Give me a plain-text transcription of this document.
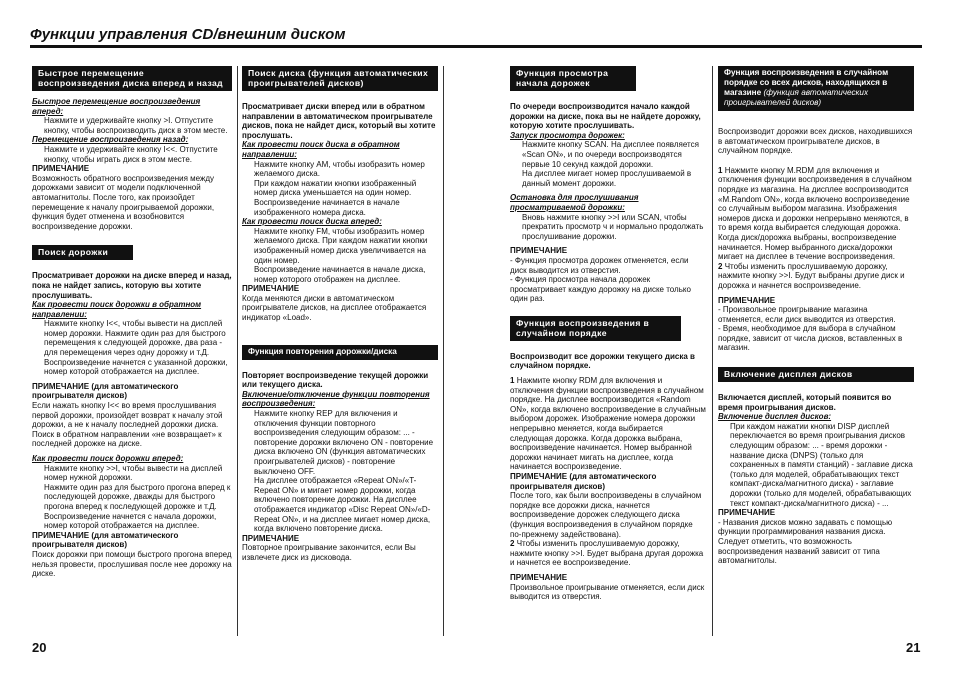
Функции управления CD/внешним диском
Быстрое перемещение воспроизведения диска вперед и назад

Быстрое перемещение воспроизведения вперед:

Нажмите и удерживайте кнопку >I. Отпустите кнопку, чтобы воспроизводить диск в этом месте.

Перемещение воспроизведения назад:

Нажмите и удерживайте кнопку I<<. Отпустите кнопку, чтобы играть диск в этом месте.

ПРИМЕЧАНИЕ

Возможность обратного воспроизведения между дорожками зависит от модели подключенной автомагнитолы. После того, как произойдет перемещение к началу проигрываемой дорожки, функция будет отменена и возобновится воспроизведение дорожки.

Поиск дорожки

Просматривает дорожки на диске вперед и назад, пока не найдет запись, которую вы хотите прослушивать.

Как провести поиск дорожки в обратном направлении:

Нажмите кнопку I<<, чтобы вывести на дисплей номер дорожки. Нажмите один раз для быстрого перемещения к следующей дорожке, два раза - для перемещения через одну дорожку и т.Д. Воспроизведение начнется с указанной дорожки, номер которой отображается на дисплее.

ПРИМЕЧАНИЕ (для автоматического проигрывателя дисков)

Если нажать кнопку I<< во время прослушивания первой дорожки, произойдет возврат к началу этой дорожки, а не к началу последней дорожки диска. Поиск в обратном направлении «не возвращает» к последней дорожке на диске.

Как провести поиск дорожки вперед:

Нажмите кнопку >>I, чтобы вывести на дисплей номер нужной дорожки.

Нажмите один раз для быстрого прогона вперед к последующей дорожке, дважды для быстрого прогона вперед к последующей дорожке и т.Д.

Воспроизведение начнется с начала дорожки, номер которой отображается на дисплее.

ПРИМЕЧАНИЕ (для автоматического проигрывателя дисков)

Поиск дорожки при помощи быстрого прогона вперед нельзя провести, прослушивая после нее дорожку на диске.

Поиск диска (функция автоматических проигрывателей дисков)

Просматривает диски вперед или в обратном направлении в автоматическом проигрывателе дисков, пока не найдет диск, который вы хотите прослушать.

Как провести поиск диска в обратном направлении:

Нажмите кнопку AM, чтобы изобразить номер желаемого диска.

При каждом нажатии кнопки изображенный номер диска уменьшается на один номер.

Воспроизведение начинается в начале изображенного номера диска.

Как провести поиск диска вперед:

Нажмите кнопку FM, чтобы изобразить номер желаемого диска. При каждом нажатии кнопки изображенный номер диска увеличивается на один номер.

Воспроизведение начинается в начале диска, номер которого отображен на дисплее.

ПРИМЕЧАНИЕ

Когда меняются диски в автоматическом проигрывателе дисков, на дисплее отображается индикатор «Load».

Функция повторения дорожки/диска

Повторяет воспроизведение текущей дорожки или текущего диска.

Включение/отключение функции повторения воспроизведения:

Нажмите кнопку REP для включения и отключения функции повторного воспроизведения следующим образом: ... - повторение дорожки включено ON - повторение диска включено ON (функция автоматических проигрывателей дисков) - повторение выключено OFF.

На дисплее отображается «Repeat ON»/«T-Repeat ON» и мигает номер дорожки, когда включено повторение дорожки. На дисплее отображается индикатор «Disc Repeat ON»/«D-Repeat ON», и на дисплее мигает номер диска, когда включено повторение диска.

ПРИМЕЧАНИЕ

Повторное проигрывание закончится, если Вы извлечете диск из дисковода.

Функция просмотра начала дорожек

По очереди воспроизводится начало каждой дорожки на диске, пока вы не найдете дорожку, которую хотите прослушивать.

Запуск просмотра дорожек:

Нажмите кнопку SCAN. На дисплее появляется «Scan ON», и по очереди воспроизводятся первые 10 секунд каждой дорожки.

На дисплее мигает номер прослушиваемой в данный момент дорожки.

Остановка для прослушивания просматриваемой дорожки:

Вновь нажмите кнопку >>I или SCAN, чтобы прекратить просмотр ч и нормально продолжать прослушивание дорожки.

ПРИМЕЧАНИЕ

- Функция просмотра дорожек отменяется, если диск выводится из отверстия.

- Функция просмотра начала дорожек просматривает каждую дорожку на диске только один раз.

Функция воспроизведения в случайном порядке

Воспроизводит все дорожки текущего диска в случайном порядке.

1 Нажмите кнопку RDM для включения и отключения функции воспроизведения в случайном порядке. На дисплее воспроизводится «Random ON», когда включено воспроизведение в случайным выбором дорожек. Изображение номера дорожки непрерывно меняется, когда выбирается следующая дорожка. Когда дорожка выбрана, воспроизведение начинается. Номер выбранной дорожки начинает мигать на дисплее, когда начинается воспроизведение.

ПРИМЕЧАНИЕ (для автоматического проигрывателя дисков)

После того, как были воспроизведены в случайном порядке все дорожки диска, начнется воспроизведение дорожек следующего диска (функция воспроизведения в случайном порядке по-прежнему задействована).

2 Чтобы изменить прослушиваемую дорожку, нажмите кнопку >>I. Будет выбрана другая дорожка и начнется ее воспроизведение.

ПРИМЕЧАНИЕ

Произвольное проигрывание отменяется, если диск выводится из отверстия.

Функция воспроизведения в случайном порядке со всех дисков, находящихся в магазине (функция автоматических проигрывателей дисков)

Воспроизводит дорожки всех дисков, находившихся в автоматическом проигрывателе дисков, в случайном порядке.

1 Нажмите кнопку M.RDM для включения и отключения функции воспроизведения в случайном порядке из магазина. На дисплее воспроизводится «M.Random ON», когда включено воспроизведение со случайным выбором магазина. Изображения номеров диска и дорожки непрерывно меняются, в то время когда выбирается следующая дорожка. Когда диск/дорожка выбраны, воспроизведение начинается. Номер выбранного диска/дорожки мигает на дисплее в течение воспроизведения.

2 Чтобы изменить прослушиваемую дорожку, нажмите кнопку >>I. Будут выбраны другие диск и дорожка и начнется воспроизведение.

ПРИМЕЧАНИЕ

- Произвольное проигрывание магазина отменяется, если диск выводится из отверстия.

- Время, необходимое для выбора в случайном порядке, зависит от числа дисков, вставленных в магазин.

Включение дисплея дисков

Включается дисплей, который появится во время проигрывания дисков.

Включение дисплея дисков:

При каждом нажатии кнопки DISP дисплей переключается во время проигрывания дисков следующим образом: ... - время дорожки - название диска (DNPS) (только для сохраненных в памяти станций) - заглавие диска (только для моделей, обрабатывающих текст компакт-диска/магнитного диска) - заглавие дорожки (только для моделей, обрабатывающих текст компакт-диска/магнитного диска) - ...

ПРИМЕЧАНИЕ

- Названия дисков можно задавать с помощью функции программирования названия диска. Следует отметить, что возможность воспроизведения названий зависит от типа автомагнитолы.

20	21
